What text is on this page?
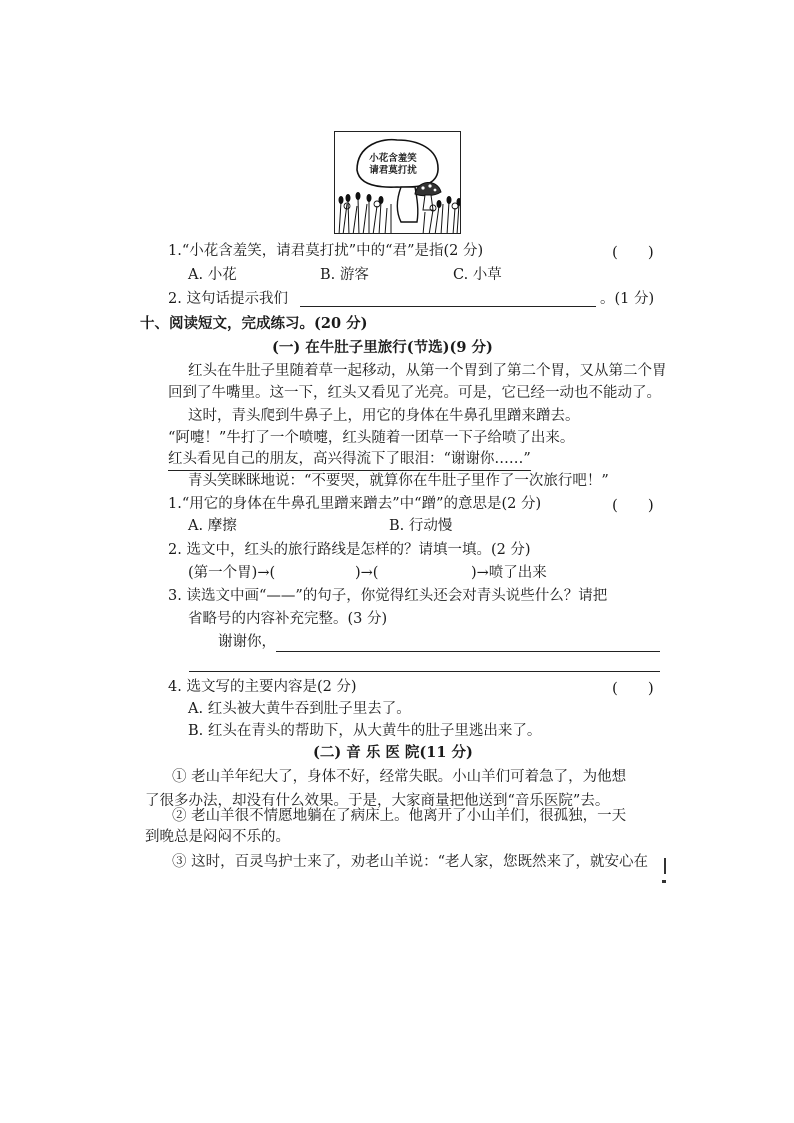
小花含羞笑
请君莫打扰
1.“小花含羞笑，请君莫打扰”中的“君”是指(2 分)	(　　)
A. 小花	B. 游客	C. 小草
2. 这句话提示我们	。(1 分)
十、阅读短文，完成练习。(20 分)
(一) 在牛肚子里旅行(节选)(9 分)
红头在牛肚子里随着草一起移动，从第一个胃到了第二个胃，又从第二个胃
回到了牛嘴里。这一下，红头又看见了光亮。可是，它已经一动也不能动了。
这时，青头爬到牛鼻子上，用它的身体在牛鼻孔里蹭来蹭去。
“阿嚏！”牛打了一个喷嚏，红头随着一团草一下子给喷了出来。
红头看见自己的朋友，高兴得流下了眼泪：“谢谢你……”
青头笑眯眯地说：“不要哭，就算你在牛肚子里作了一次旅行吧！”
1.“用它的身体在牛鼻孔里蹭来蹭去”中“蹭”的意思是(2 分)	(　　)
A. 摩擦	B. 行动慢
2. 选文中，红头的旅行路线是怎样的？请填一填。(2 分)
(第一个胃)→(	)→(	)→喷了出来
3. 读选文中画“——”的句子，你觉得红头还会对青头说些什么？请把
省略号的内容补充完整。(3 分)
谢谢你，
4. 选文写的主要内容是(2 分)	(　　)
A. 红头被大黄牛吞到肚子里去了。
B. 红头在青头的帮助下，从大黄牛的肚子里逃出来了。
(二) 音 乐 医 院(11 分)
① 老山羊年纪大了，身体不好，经常失眠。小山羊们可着急了，为他想
了很多办法，却没有什么效果。于是，大家商量把他送到“音乐医院”去。
② 老山羊很不情愿地躺在了病床上。他离开了小山羊们，很孤独，一天
到晚总是闷闷不乐的。
③ 这时，百灵鸟护士来了，劝老山羊说：“老人家，您既然来了，就安心在
